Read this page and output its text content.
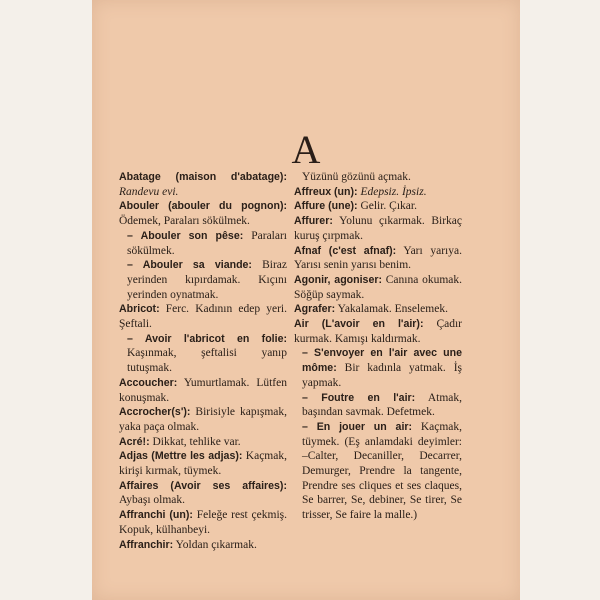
A

Abatage (maison d'abatage): Randevu evi.

Abouler (abouler du pognon): Ödemek, Paraları sökülmek.

– Abouler son pêse: Paraları sökülmek.

– Abouler sa viande: Biraz yerinden kıpırdamak. Kıçını yerinden oynatmak.

Abricot: Ferc. Kadının edep yeri. Şeftali.

– Avoir l'abricot en folie: Kaşınmak, şeftalisi yanıp tutuşmak.

Accoucher: Yumurtlamak. Lütfen konuşmak.

Accrocher(s'): Birisiyle kapışmak, yaka paça olmak.

Acré!: Dikkat, tehlike var.

Adjas (Mettre les adjas): Kaçmak, kirişi kırmak, tüymek.

Affaires (Avoir ses affaires): Aybaşı olmak.

Affranchi (un): Feleğe rest çekmiş. Kopuk, külhanbeyi.

Affranchir: Yoldan çıkarmak.

Yüzünü gözünü açmak.

Affreux (un): Edepsiz. İpsiz.

Affure (une): Gelir. Çıkar.

Affurer: Yolunu çıkarmak. Birkaç kuruş çırpmak.

Afnaf (c'est afnaf): Yarı yarıya. Yarısı senin yarısı benim.

Agonir, agoniser: Canına okumak. Söğüp saymak.

Agrafer: Yakalamak. Enselemek.

Air (L'avoir en l'air): Çadır kurmak. Kamışı kaldırmak.

– S'envoyer en l'air avec une môme: Bir kadınla yatmak. İş yapmak.

– Foutre en l'air: Atmak, başından savmak. Defetmek.

– En jouer un air: Kaçmak, tüymek. (Eş anlamdaki deyimler: –Calter, Decaniller, Decarrer, Demurger, Prendre la tangente, Prendre ses cliques et ses claques, Se barrer, Se, debiner, Se tirer, Se trisser, Se faire la malle.)
